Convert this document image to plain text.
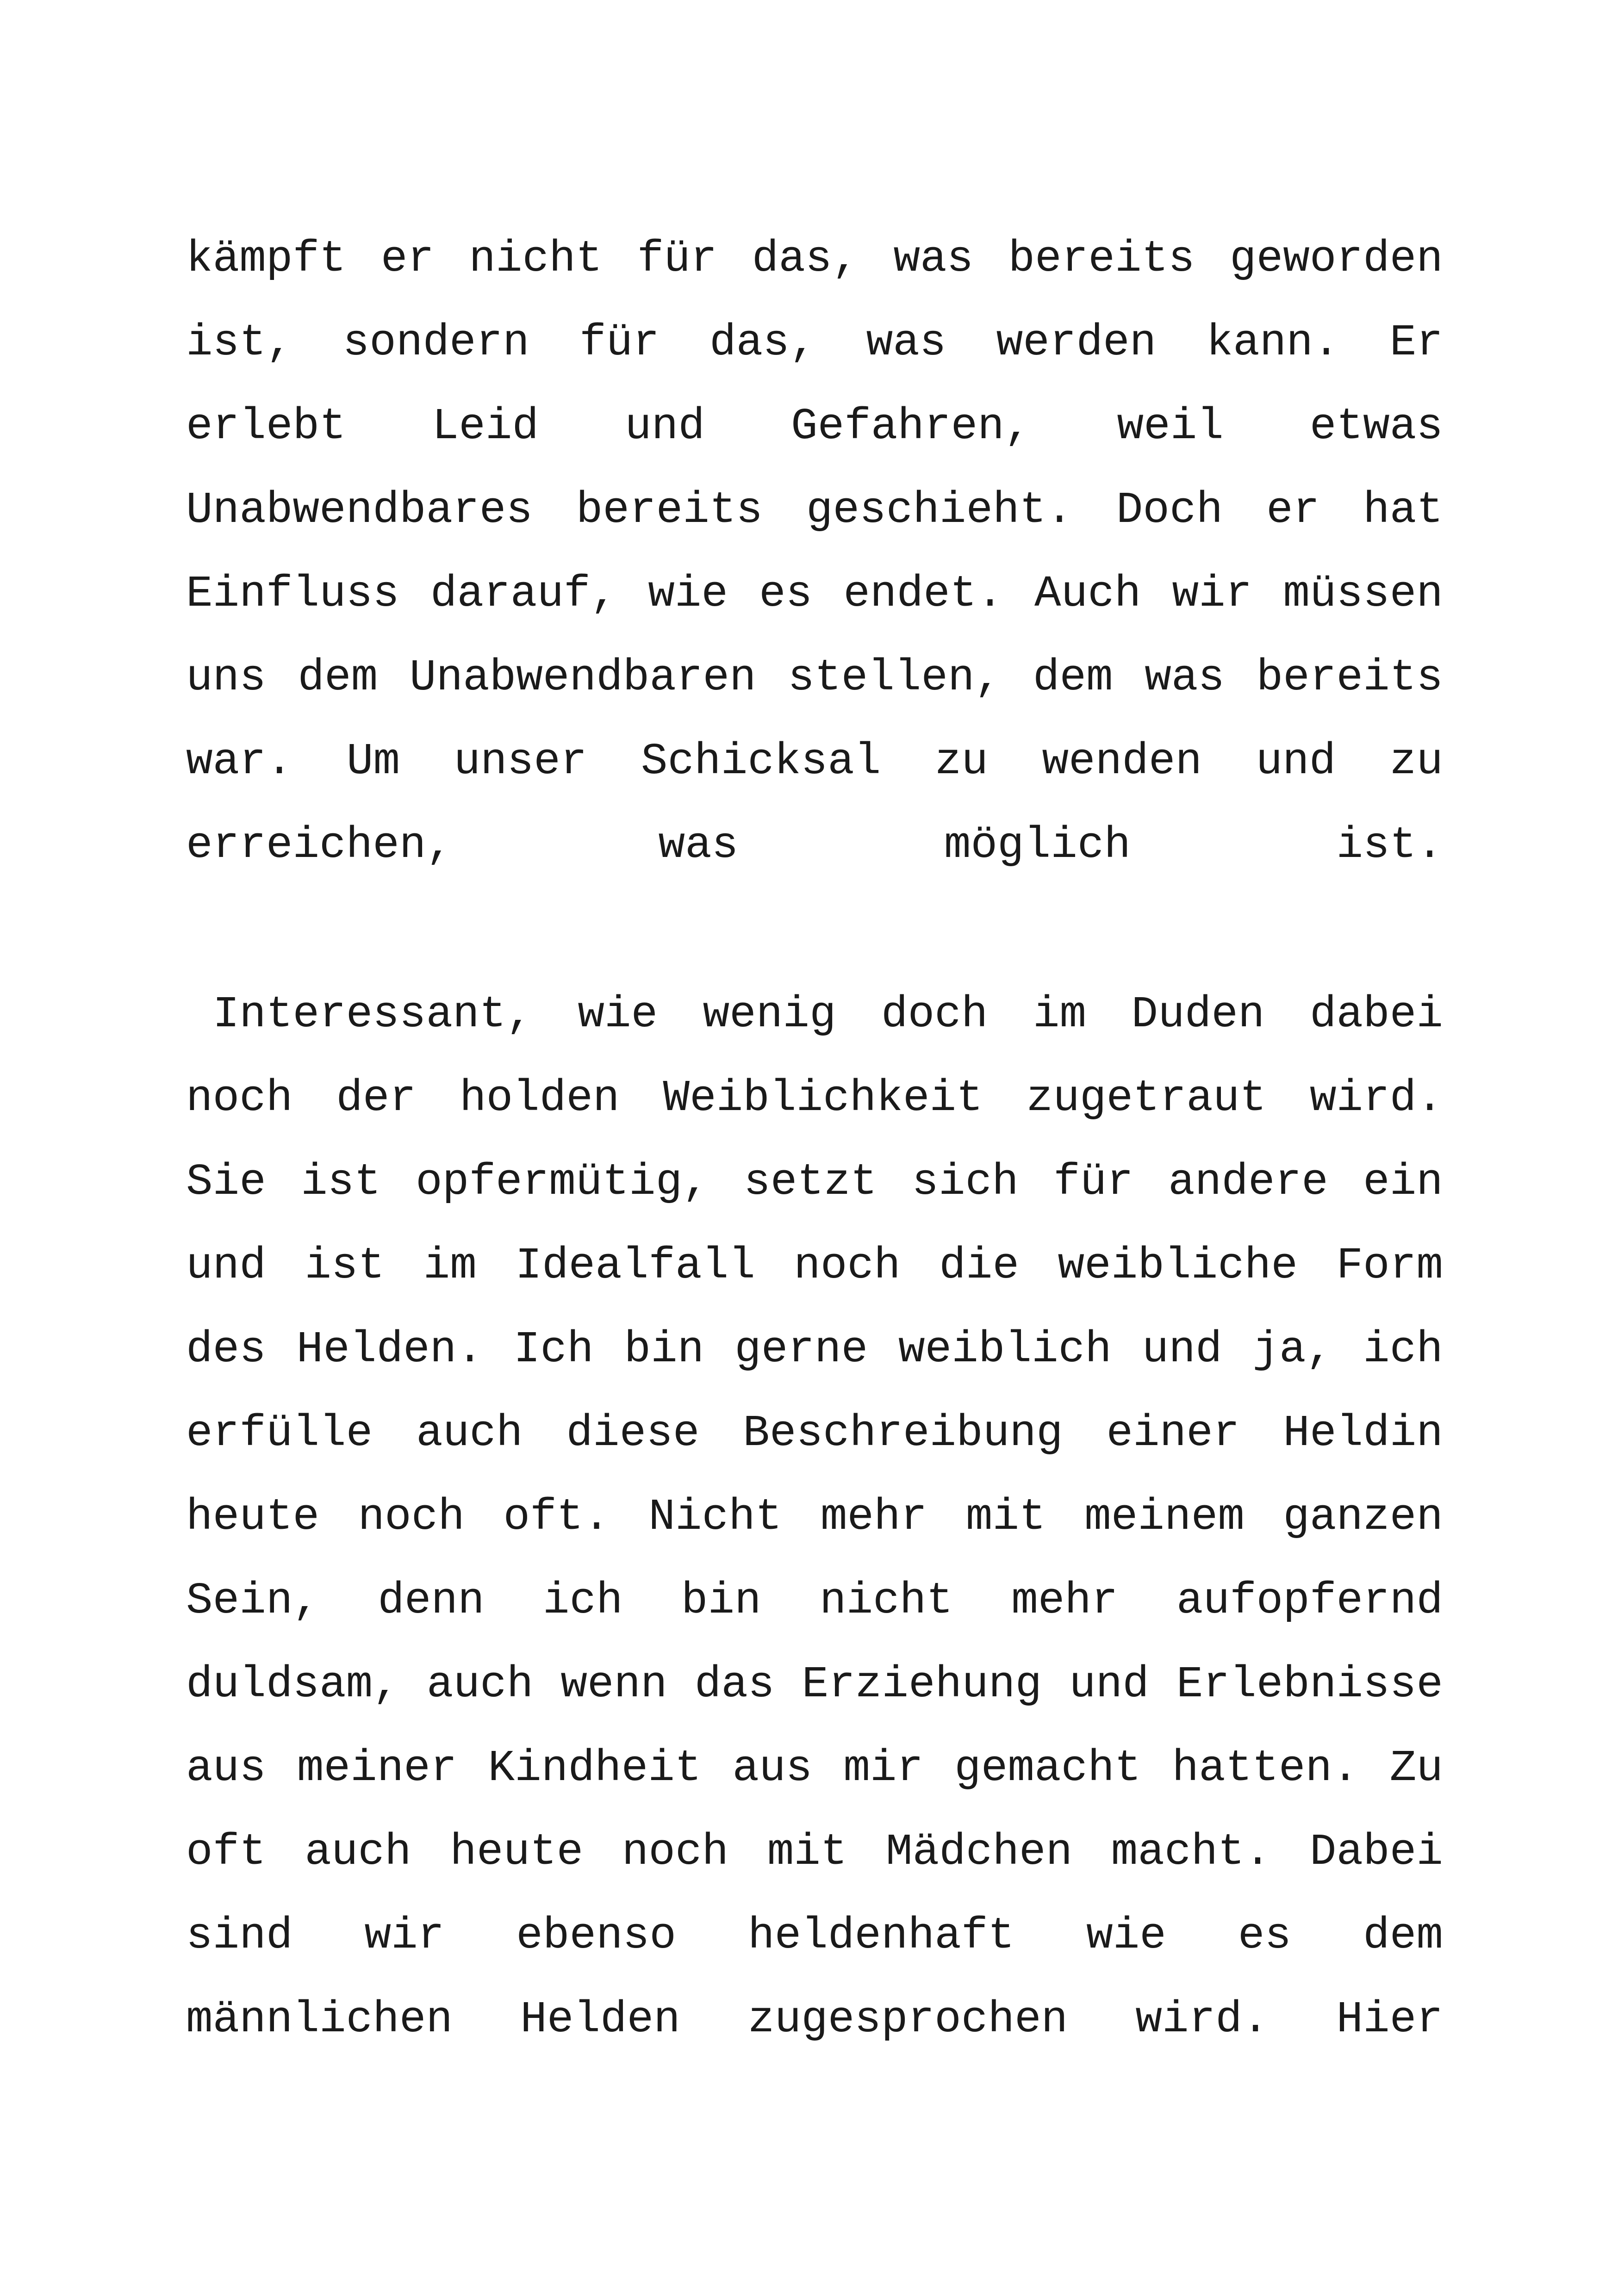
kämpft er nicht für das, was bereits geworden
ist, sondern für das, was werden kann. Er
erlebt Leid und Gefahren, weil etwas
Unabwendbares bereits geschieht. Doch er hat
Einfluss darauf, wie es endet. Auch wir müssen
uns dem Unabwendbaren stellen, dem was bereits
war. Um unser Schicksal zu wenden und zu
erreichen,	was	möglich	ist.
Interessant, wie wenig doch im Duden dabei
noch der holden Weiblichkeit zugetraut wird.
Sie ist opfermütig, setzt sich für andere ein
und ist im Idealfall noch die weibliche Form
des Helden. Ich bin gerne weiblich und ja, ich
erfülle auch diese Beschreibung einer Heldin
heute noch oft. Nicht mehr mit meinem ganzen
Sein, denn ich bin nicht mehr aufopfernd
duldsam, auch wenn das Erziehung und Erlebnisse
aus meiner Kindheit aus mir gemacht hatten. Zu
oft auch heute noch mit Mädchen macht. Dabei
sind wir ebenso heldenhaft wie es dem
männlichen Helden zugesprochen wird. Hier
